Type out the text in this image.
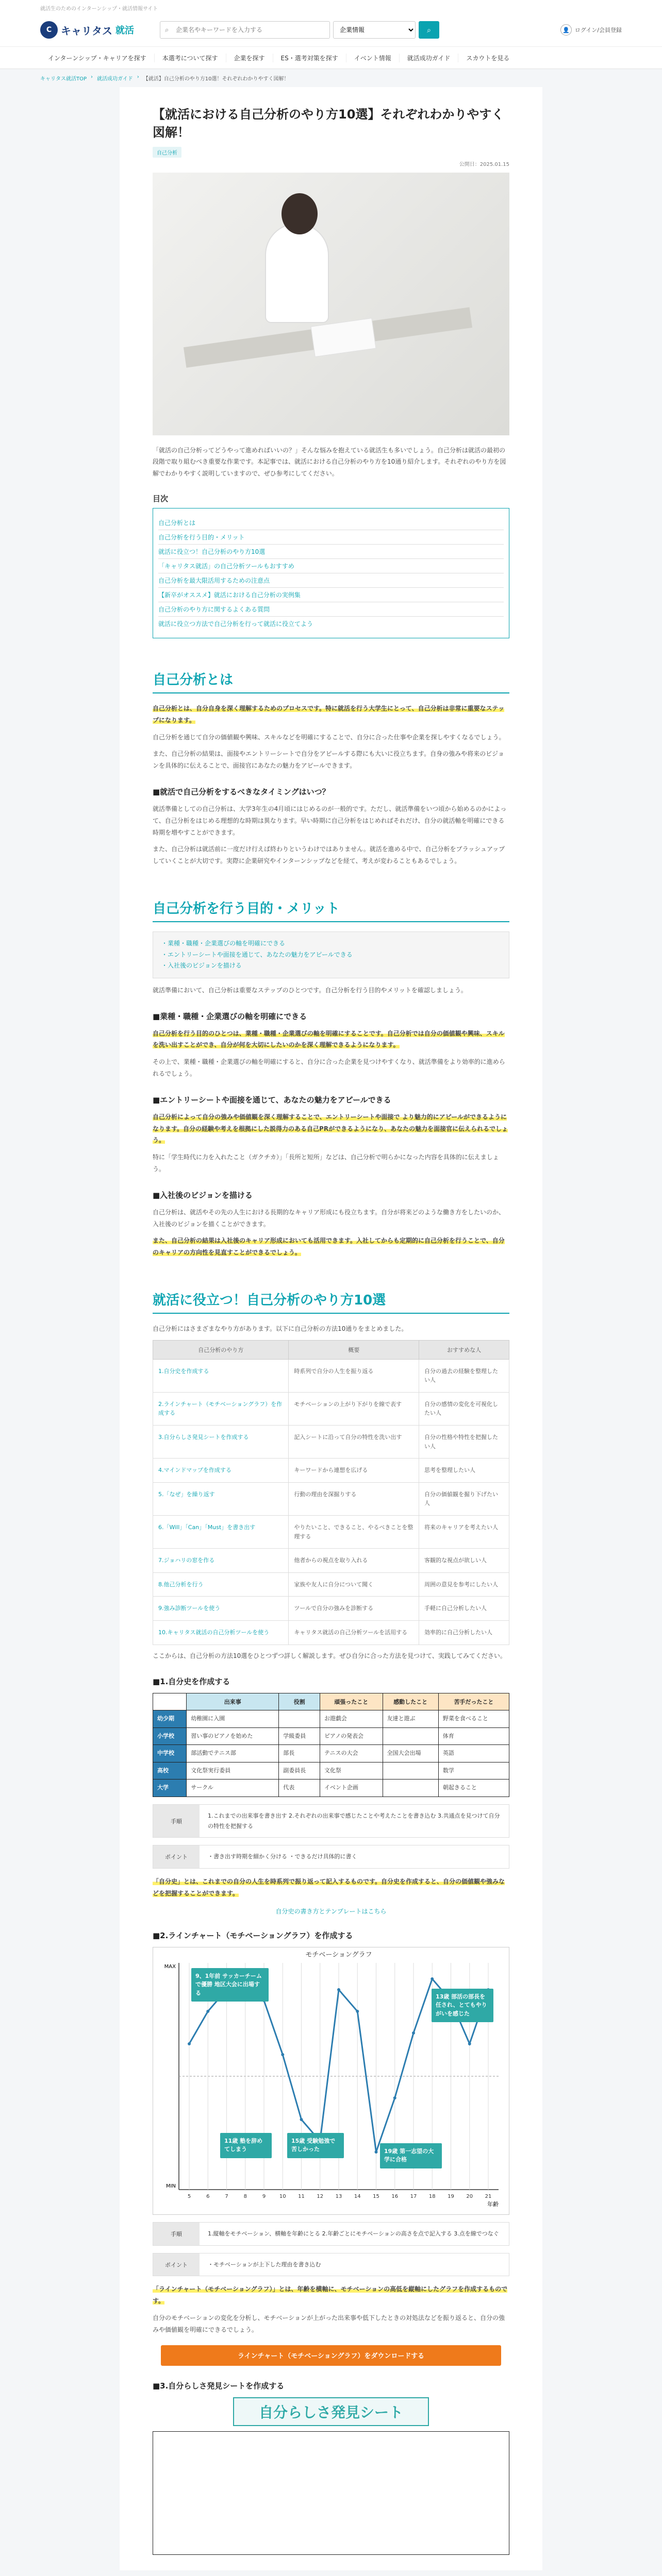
就活生のためのインターンシップ・就活情報サイト
C キャリタス 就活	⌕
企業名やキーワードを入力する
企業情報	⌕	👤 ログイン/会員登録
インターンシップ・キャリアを探す	本選考について探す	企業を探す	ES・選考対策を探す	イベント情報	就活成功ガイド	スカウトを見る
キャリタス就活TOP › 就活成功ガイド › 【就活】自己分析のやり方10選！それぞれわかりやすく図解！
【就活における自己分析のやり方10選】それぞれわかりやすく図解！
自己分析
公開日：2025.01.15

「就活の自己分析ってどうやって進めればいいの？」そんな悩みを抱えている就活生も多いでしょう。自己分析は就活の最初の段階で取り組むべき重要な作業です。本記事では、就活における自己分析のやり方を10通り紹介します。それぞれのやり方を図解でわかりやすく説明していますので、ぜひ参考にしてください。

目次
自己分析とは
自己分析を行う目的・メリット
就活に役立つ！自己分析のやり方10選
「キャリタス就活」の自己分析ツールもおすすめ
自己分析を最大限活用するための注意点
【新卒がオススメ】就活における自己分析の実例集
自己分析のやり方に関するよくある質問
就活に役立つ方法で自己分析を行って就活に役立てよう
自己分析とは

自己分析とは、自分自身を深く理解するためのプロセスです。特に就活を行う大学生にとって、自己分析は非常に重要なステップになります。

自己分析を通じて自分の価値観や興味、スキルなどを明確にすることで、自分に合った仕事や企業を探しやすくなるでしょう。

また、自己分析の結果は、面接やエントリーシートで自分をアピールする際にも大いに役立ちます。自身の強みや将来のビジョンを具体的に伝えることで、面接官にあなたの魅力をアピールできます。

■就活で自己分析をするべきなタイミングはいつ？

就活準備としての自己分析は、大学3年生の4月頃にはじめるのが一般的です。ただし、就活準備をいつ頃から始めるのかによって、自己分析をはじめる理想的な時期は異なります。早い時期に自己分析をはじめればそれだけ、自分の就活軸を明確にできる時期を増やすことができます。

また、自己分析は就活前に一度だけ行えば終わりというわけではありません。就活を進める中で、自己分析をブラッシュアップしていくことが大切です。実際に企業研究やインターンシップなどを経て、考えが変わることもあるでしょう。

自己分析を行う目的・メリット
・業種・職種・企業選びの軸を明確にできる
・エントリーシートや面接を通じて、あなたの魅力をアピールできる
・入社後のビジョンを描ける

就活準備において、自己分析は重要なステップのひとつです。自己分析を行う目的やメリットを確認しましょう。

■業種・職種・企業選びの軸を明確にできる

自己分析を行う目的のひとつは、業種・職種・企業選びの軸を明確にすることです。自己分析では自分の価値観や興味、スキルを洗い出すことができ、自分が何を大切にしたいのかを深く理解できるようになります。

その上で、業種・職種・企業選びの軸を明確にすると、自分に合った企業を見つけやすくなり、就活準備をより効率的に進められるでしょう。

■エントリーシートや面接を通じて、あなたの魅力をアピールできる

自己分析によって自分の強みや価値観を深く理解することで、エントリーシートや面接で より魅力的にアピールができるようになります。自分の経験や考えを根拠にした説得力のある自己PRができるようになり、あなたの魅力を面接官に伝えられるでしょう。

特に「学生時代に力を入れたこと（ガクチカ）」「長所と短所」などは、自己分析で明らかになった内容を具体的に伝えましょう。

■入社後のビジョンを描ける

自己分析は、就活やその先の人生における長期的なキャリア形成にも役立ちます。自分が将来どのような働き方をしたいのか、入社後のビジョンを描くことができます。

また、自己分析の結果は入社後のキャリア形成においても活用できます。入社してからも定期的に自己分析を行うことで、自分のキャリアの方向性を見直すことができるでしょう。

就活に役立つ！自己分析のやり方10選

自己分析にはさまざまなやり方があります。以下に自己分析の方法10通りをまとめました。

自己分析のやり方	概要	おすすめな人
1.自分史を作成する	時系列で自分の人生を振り返る	自分の過去の経験を整理したい人
2.ラインチャート（モチベーショングラフ）を作成する	モチベーションの上がり下がりを線で表す	自分の感情の変化を可視化したい人
3.自分らしさ発見シートを作成する	記入シートに沿って自分の特性を洗い出す	自分の性格や特性を把握したい人
4.マインドマップを作成する	キーワードから連想を広げる	思考を整理したい人
5.「なぜ」を繰り返す	行動の理由を深掘りする	自分の価値観を掘り下げたい人
6.「Will」「Can」「Must」を書き出す	やりたいこと、できること、やるべきことを整理する	将来のキャリアを考えたい人
7.ジョハリの窓を作る	他者からの視点を取り入れる	客観的な視点が欲しい人
8.他己分析を行う	家族や友人に自分について聞く	周囲の意見を参考にしたい人
9.強み診断ツールを使う	ツールで自分の強みを診断する	手軽に自己分析したい人
10.キャリタス就活の自己分析ツールを使う	キャリタス就活の自己分析ツールを活用する	効率的に自己分析したい人

ここからは、自己分析の方法10選をひとつずつ詳しく解説します。ぜひ自分に合った方法を見つけて、実践してみてください。

■1.自分史を作成する
	出来事	役割	頑張ったこと	感動したこと	苦手だったこと
幼少期	幼稚園に入園		お遊戯会	友達と遊ぶ	野菜を食べること
小学校	習い事のピアノを始めた	学級委員	ピアノの発表会		体育
中学校	部活動でテニス部	部長	テニスの大会	全国大会出場	英語
高校	文化祭実行委員	副委員長	文化祭		数学
大学	サークル	代表	イベント企画		朝起きること
手順
1.これまでの出来事を書き出す 2.それぞれの出来事で感じたことや考えたことを書き込む 3.共通点を見つけて自分の特性を把握する
ポイント	・書き出す時期を細かく分ける ・できるだけ具体的に書く

「自分史」とは、これまでの自分の人生を時系列で振り返って記入するものです。自分史を作成すると、自分の価値観や強みなどを把握することができます。

自分史の書き方とテンプレートはこちら
■2.ラインチャート（モチベーショングラフ）を作成する
モチベーショングラフ
5	6	7	8	9	10 11 12 13 14 15 16 17 18 19 20 21
年齢
MAX
MIN
9、1年前 サッカーチームで優勝 地区大会に出場する
11歳 塾を辞めてしまう
13歳 部活の部長を任され、とてもやりがいを感じた
15歳 受験勉強で苦しかった	19歳 第一志望の大学に合格
手順	1.縦軸をモチベーション、横軸を年齢にとる 2.年齢ごとにモチベーションの高さを点で記入する 3.点を線でつなぐ
ポイント	・モチベーションが上下した理由を書き込む

「ラインチャート（モチベーショングラフ）」とは、年齢を横軸に、モチベーションの高低を縦軸にしたグラフを作成するものです。

自分のモチベーションの変化を分析し、モチベーションが上がった出来事や低下したときの対処法などを振り返ると、自分の強みや価値観を明確にできるでしょう。

ラインチャート（モチベーショングラフ）をダウンロードする
■3.自分らしさ発見シートを作成する
自分らしさ発見シート
